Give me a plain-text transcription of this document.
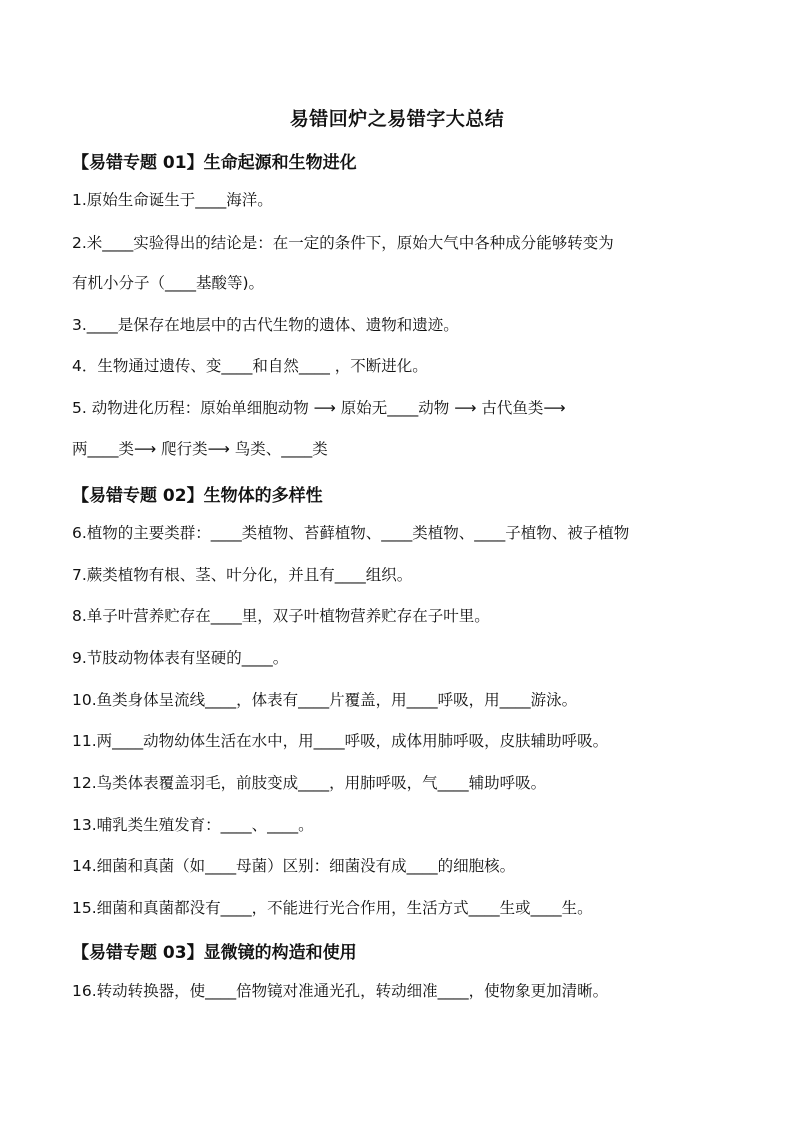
易错回炉之易错字大总结
【易错专题 01】生命起源和生物进化
1.原始生命诞生于____海洋。
2.米____实验得出的结论是：在一定的条件下，原始大气中各种成分能够转变为
有机小分子（____基酸等)。
3.____是保存在地层中的古代生物的遗体、遗物和遗迹。
4．生物通过遗传、变____和自然____ ，不断进化。
5. 动物进化历程：原始单细胞动物 ⟶ 原始无____动物 ⟶ 古代鱼类⟶
两____类⟶ 爬行类⟶ 鸟类、____类
【易错专题 02】生物体的多样性
6.植物的主要类群：____类植物、苔藓植物、____类植物、____子植物、被子植物
7.蕨类植物有根、茎、叶分化，并且有____组织。
8.单子叶营养贮存在____里，双子叶植物营养贮存在子叶里。
9.节肢动物体表有坚硬的____。
10.鱼类身体呈流线____，体表有____片覆盖，用____呼吸，用____游泳。
11.两____动物幼体生活在水中，用____呼吸，成体用肺呼吸，皮肤辅助呼吸。
12.鸟类体表覆盖羽毛，前肢变成____，用肺呼吸，气____辅助呼吸。
13.哺乳类生殖发育：____、____。
14.细菌和真菌（如____母菌）区别：细菌没有成____的细胞核。
15.细菌和真菌都没有____，不能进行光合作用，生活方式____生或____生。
【易错专题 03】显微镜的构造和使用
16.转动转换器，使____倍物镜对准通光孔，转动细准____，使物象更加清晰。
